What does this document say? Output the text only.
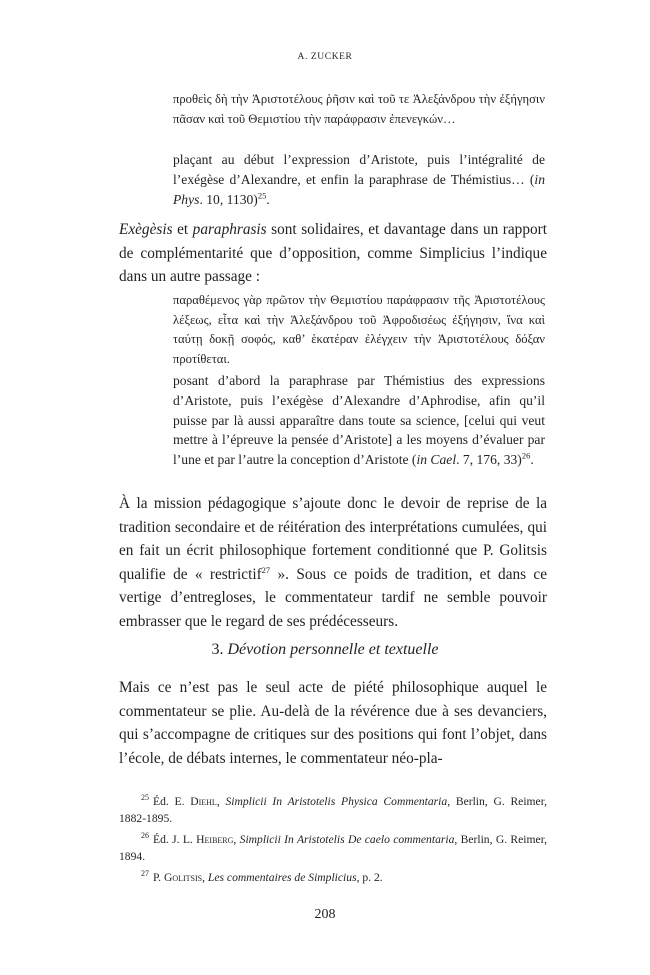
A. ZUCKER

προθεὶς δὴ τὴν Ἀριστοτέλους ῥῆσιν καὶ τοῦ τε Ἀλεξάνδρου τὴν ἐξήγησιν πᾶσαν καὶ τοῦ Θεμιστίου τὴν παράφρασιν ἐπενεγκών…

plaçant au début l’expression d’Aristote, puis l’intégralité de l’exégèse d’Alexandre, et enfin la paraphrase de Thémistius… (in Phys. 10, 1130)$^{25}$.

Exègèsis et paraphrasis sont solidaires, et davantage dans un rapport de complémentarité que d’opposition, comme Simplicius l’indique dans un autre passage :

παραθέμενος γὰρ πρῶτον τὴν Θεμιστίου παράφρασιν τῆς Ἀριστοτέλους λέξεως, εἶτα καὶ τὴν Ἀλεξάνδρου τοῦ Ἀφροδισέως ἐξήγησιν, ἵνα καὶ ταύτῃ δοκῇ σοφός, καθ’ ἑκατέραν ἐλέγχειν τὴν Ἀριστοτέλους δόξαν προτίθεται.

posant d’abord la paraphrase par Thémistius des expressions d’Aristote, puis l’exégèse d’Alexandre d’Aphrodise, afin qu’il puisse par là aussi apparaître dans toute sa science, [celui qui veut mettre à l’épreuve la pensée d’Aristote] a les moyens d’évaluer par l’une et par l’autre la conception d’Aristote (in Cael. 7, 176, 33)$^{26}$.

À la mission pédagogique s’ajoute donc le devoir de reprise de la tradition secondaire et de réitération des interprétations cumulées, qui en fait un écrit philosophique fortement conditionné que P. Golitsis qualifie de « restrictif$^{27}$ ». Sous ce poids de tradition, et dans ce vertige d’entregloses, le commentateur tardif ne semble pouvoir embrasser que le regard de ses prédécesseurs.

3. Dévotion personnelle et textuelle

Mais ce n’est pas le seul acte de piété philosophique auquel le commentateur se plie. Au-delà de la révérence due à ses devanciers, qui s’accompagne de critiques sur des positions qui font l’objet, dans l’école, de débats internes, le commentateur néo-pla-

$^{25}$ Éd. E. Diehl, Simplicii In Aristotelis Physica Commentaria, Berlin, G. Reimer, 1882-1895.

$^{26}$ Éd. J. L. Heiberg, Simplicii In Aristotelis De caelo commentaria, Berlin, G. Reimer, 1894.

$^{27}$ P. Golitsis, Les commentaires de Simplicius, p. 2.

208
